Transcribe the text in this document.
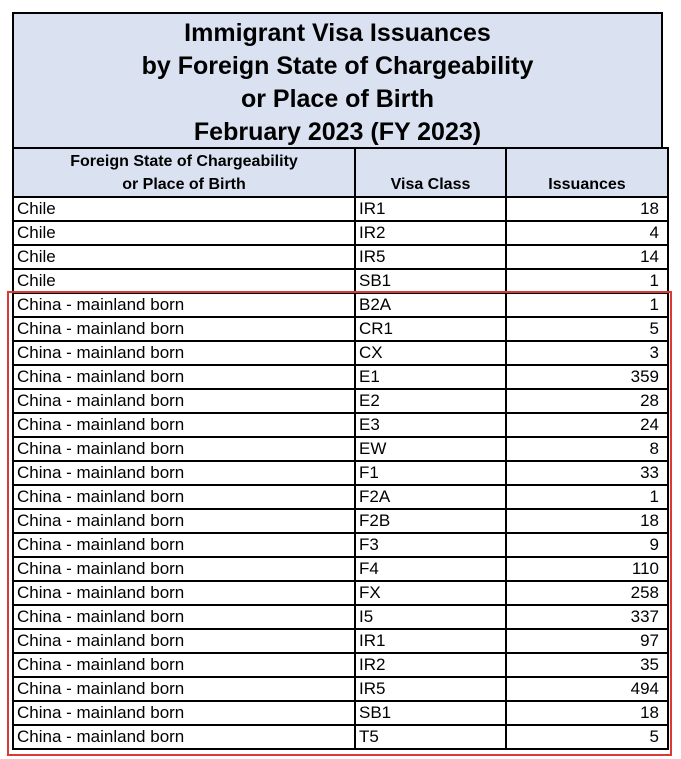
Immigrant Visa Issuances
by Foreign State of Chargeability
or Place of Birth
February 2023 (FY 2023)
Foreign State of Chargeability
or Place of Birth	Visa Class	Issuances
Chile	IR1	18
Chile	IR2	4
Chile	IR5	14
Chile	SB1	1
China - mainland born	B2A	1
China - mainland born	CR1	5
China - mainland born	CX	3
China - mainland born	E1	359
China - mainland born	E2	28
China - mainland born	E3	24
China - mainland born	EW	8
China - mainland born	F1	33
China - mainland born	F2A	1
China - mainland born	F2B	18
China - mainland born	F3	9
China - mainland born	F4	110
China - mainland born	FX	258
China - mainland born	I5	337
China - mainland born	IR1	97
China - mainland born	IR2	35
China - mainland born	IR5	494
China - mainland born	SB1	18
China - mainland born	T5	5
